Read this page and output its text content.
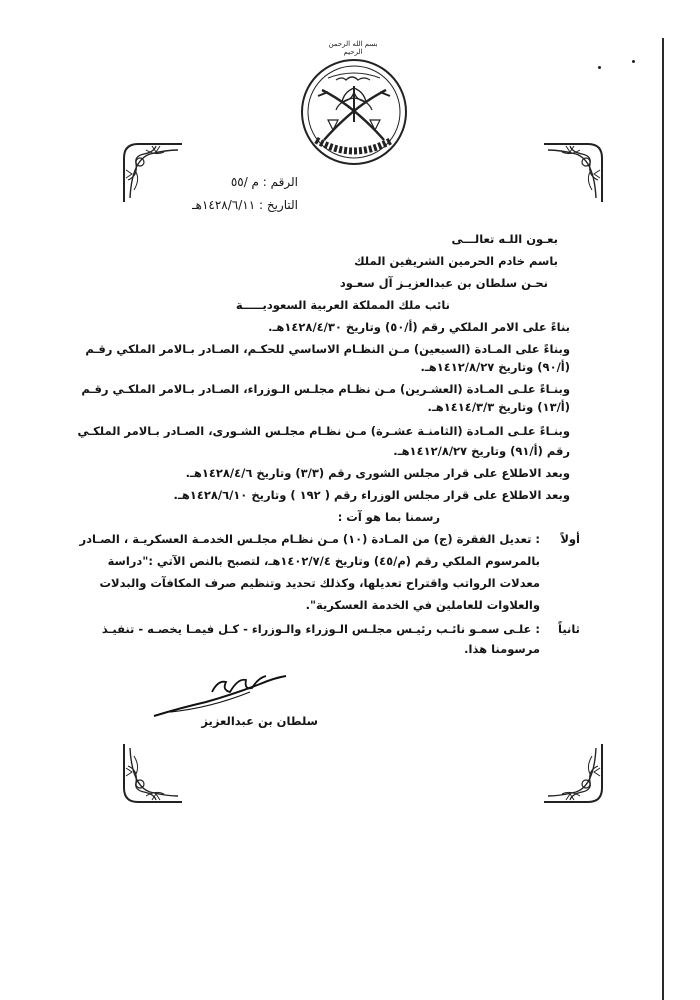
بسم الله الرحمن الرحيم
الرقم : م /٥٥
التاريخ : ١٤٢٨/٦/١١هـ
بعـون اللـه تعالـــى
باسم خادم الحرمين الشريفين الملك
نحـن سلطان بن عبدالعزيـز آل سعـود
نائب ملك المملكة العربية السعوديـــــة
بناءً على الامر الملكي رقم (أ/٥٠) وتاريخ ١٤٢٨/٤/٣٠هـ.
وبناءً على المـادة (السبعين) مـن النظـام الاساسي للحكـم، الصـادر بـالامر الملكي رقـم
(أ/٩٠) وتاريخ ١٤١٢/٨/٢٧هـ.
وبنـاءً علـى المـادة (العشـرين) مـن نظـام مجلـس الـوزراء، الصـادر بـالامر الملكـي رقـم
(أ/١٣) وتاريخ ١٤١٤/٣/٣هـ.
وبنـاءً علـى المـادة (الثامنـة عشـرة) مـن نظـام مجلـس الشـورى، الصـادر بـالامر الملكـي
رقم (أ/٩١) وتاريخ ١٤١٢/٨/٢٧هـ.
وبعد الاطلاع على قرار مجلس الشورى رقم (٣/٣) وتاريخ ١٤٢٨/٤/٦هـ.
وبعد الاطلاع على قرار مجلس الوزراء رقم ( ١٩٢ ) وتاريخ ١٤٢٨/٦/١٠هـ.
رسمنا بما هو آت :
أولاً
: تعديل الفقرة (ج) من المـادة (١٠) مـن نظـام مجلـس الخدمـة العسكريـة ، الصـادر
بالمرسوم الملكي رقم (م/٤٥) وتاريخ ١٤٠٢/٧/٤هـ، لتصبح بالنص الآتي :"دراسة
معدلات الرواتب واقتراح تعديلها، وكذلك تحديد وتنظيم صرف المكافآت والبدلات
والعلاوات للعاملين في الخدمة العسكرية".
ثانياً
: علـى سمـو نائـب رئيـس مجلـس الـوزراء والـوزراء - كـل فيمـا يخصـه - تنفيـذ
مرسومنا هذا.
سلطان بن عبدالعزيز
